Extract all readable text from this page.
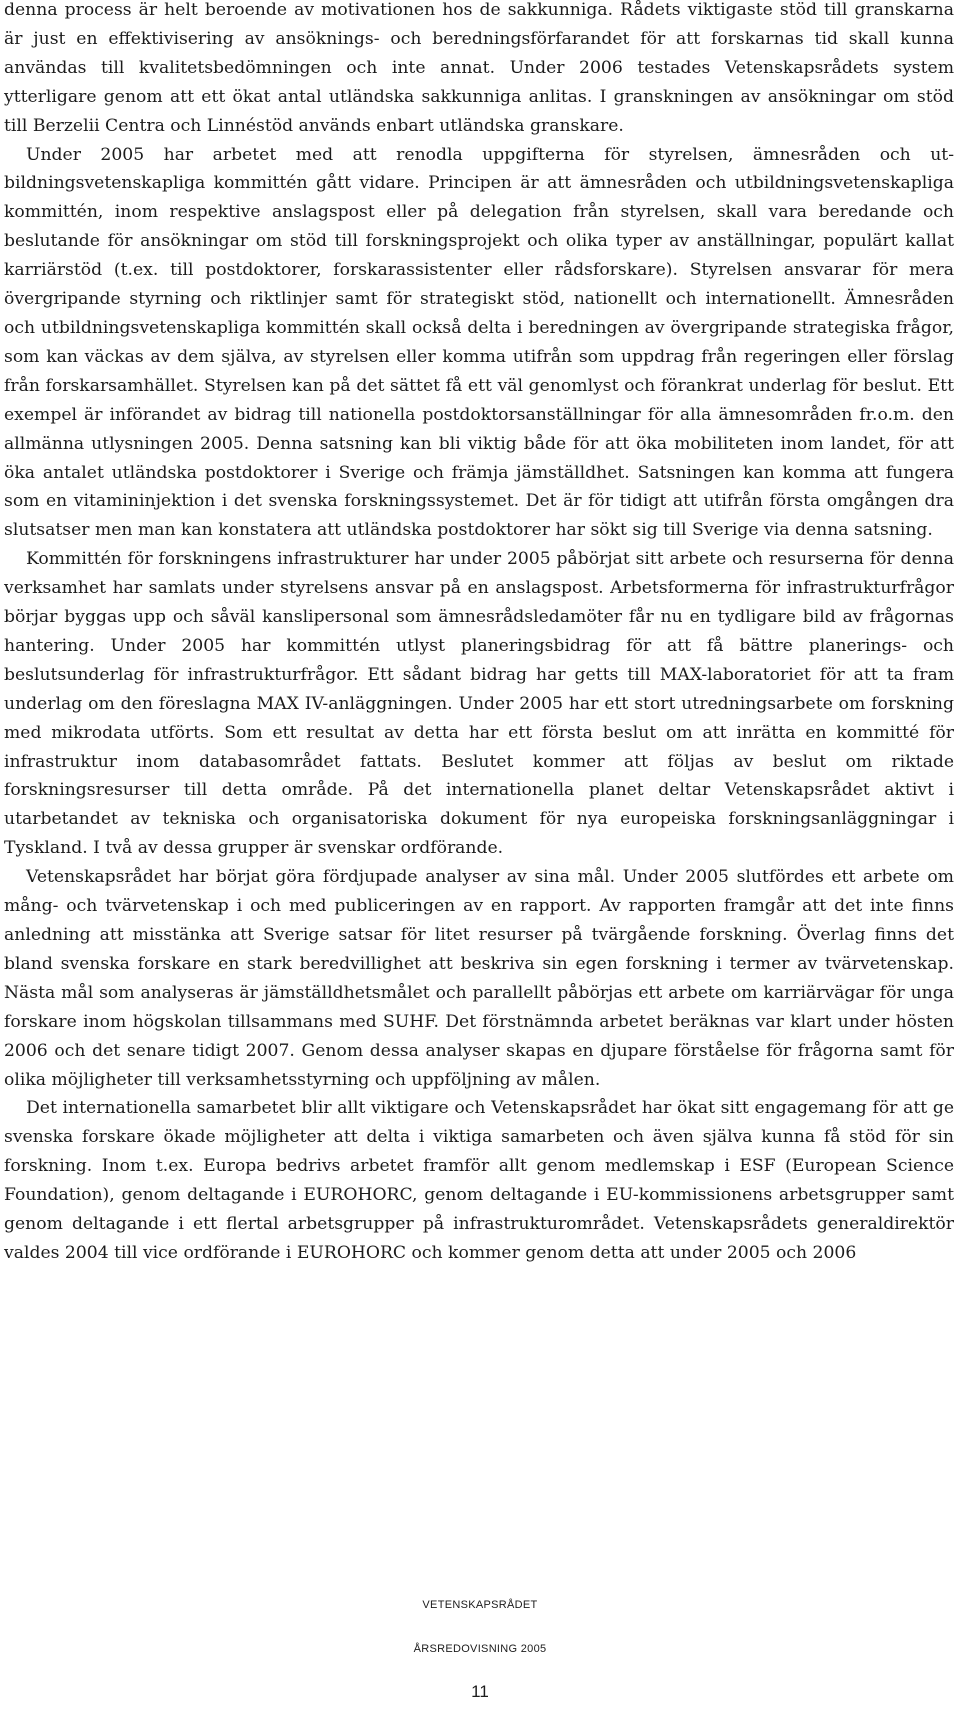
denna process är helt beroende av motivationen hos de sakkunniga. Rådets viktigaste stöd till granskarna är just en effektivisering av ansöknings- och beredningsförfarandet för att forskarnas tid skall kunna användas till kvalitetsbedömningen och inte annat. Under 2006 testades Vetenskapsrådets system ytterligare genom att ett ökat antal utländska sakkunniga anlitas. I granskningen av ansökningar om stöd till Berzelii Centra och Linnéstöd används enbart utländska granskare.

Under 2005 har arbetet med att renodla uppgifterna för styrelsen, ämnesråden och utbildningsvetenskapliga kommittén gått vidare. Principen är att ämnesråden och utbildningsvetenskapliga kommittén, inom respektive anslagspost eller på delegation från styrelsen, skall vara beredande och beslutande för ansökningar om stöd till forskningsprojekt och olika typer av anställningar, populärt kallat karriärstöd (t.ex. till postdoktorer, forskarassistenter eller rådsforskare). Styrelsen ansvarar för mera övergripande styrning och riktlinjer samt för strategiskt stöd, nationellt och internationellt. Ämnesråden och utbildningsvetenskapliga kommittén skall också delta i beredningen av övergripande strategiska frågor, som kan väckas av dem själva, av styrelsen eller komma utifrån som uppdrag från regeringen eller förslag från forskarsamhället. Styrelsen kan på det sättet få ett väl genomlyst och förankrat underlag för beslut. Ett exempel är införandet av bidrag till nationella postdoktorsanställningar för alla ämnesområden fr.o.m. den allmänna utlysningen 2005. Denna satsning kan bli viktig både för att öka mobiliteten inom landet, för att öka antalet utländska postdoktorer i Sverige och främja jämställdhet. Satsningen kan komma att fungera som en vitamininjektion i det svenska forskningssystemet. Det är för tidigt att utifrån första omgången dra slutsatser men man kan konstatera att utländska postdoktorer har sökt sig till Sverige via denna satsning.

Kommittén för forskningens infrastrukturer har under 2005 påbörjat sitt arbete och resurserna för denna verksamhet har samlats under styrelsens ansvar på en anslagspost. Arbetsformerna för infrastrukturfrågor börjar byggas upp och såväl kanslipersonal som ämnesrådsledamöter får nu en tydligare bild av frågornas hantering. Under 2005 har kommittén utlyst planeringsbidrag för att få bättre planerings- och beslutsunderlag för infrastrukturfrågor. Ett sådant bidrag har getts till MAX-laboratoriet för att ta fram underlag om den föreslagna MAX IV-anläggningen. Under 2005 har ett stort utredningsarbete om forskning med mikrodata utförts. Som ett resultat av detta har ett första beslut om att inrätta en kommitté för infrastruktur inom databasområdet fattats. Beslutet kommer att följas av beslut om riktade forskningsresurser till detta område. På det internationella planet deltar Vetenskapsrådet aktivt i utarbetandet av tekniska och organisatoriska dokument för nya europeiska forskningsanläggningar i Tyskland. I två av dessa grupper är svenskar ordförande.

Vetenskapsrådet har börjat göra fördjupade analyser av sina mål. Under 2005 slutfördes ett arbete om mång- och tvärvetenskap i och med publiceringen av en rapport. Av rapporten framgår att det inte finns anledning att misstänka att Sverige satsar för litet resurser på tvärgående forskning. Överlag finns det bland svenska forskare en stark beredvillighet att beskriva sin egen forskning i termer av tvärvetenskap. Nästa mål som analyseras är jämställdhetsmålet och parallellt påbörjas ett arbete om karriärvägar för unga forskare inom högskolan tillsammans med SUHF. Det förstnämnda arbetet beräknas var klart under hösten 2006 och det senare tidigt 2007. Genom dessa analyser skapas en djupare förståelse för frågorna samt för olika möjligheter till verksamhetsstyrning och uppföljning av målen.

Det internationella samarbetet blir allt viktigare och Vetenskapsrådet har ökat sitt engagemang för att ge svenska forskare ökade möjligheter att delta i viktiga samarbeten och även själva kunna få stöd för sin forskning. Inom t.ex. Europa bedrivs arbetet framför allt genom medlemskap i ESF (European Science Foundation), genom deltagande i EUROHORC, genom deltagande i EU-kommissionens arbetsgrupper samt genom deltagande i ett flertal arbetsgrupper på infrastrukturområdet. Vetenskapsrådets generaldirektör valdes 2004 till vice ordförande i EUROHORC och kommer genom detta att under 2005 och 2006

VETENSKAPSRÅDET
ÅRSREDOVISNING 2005
11
